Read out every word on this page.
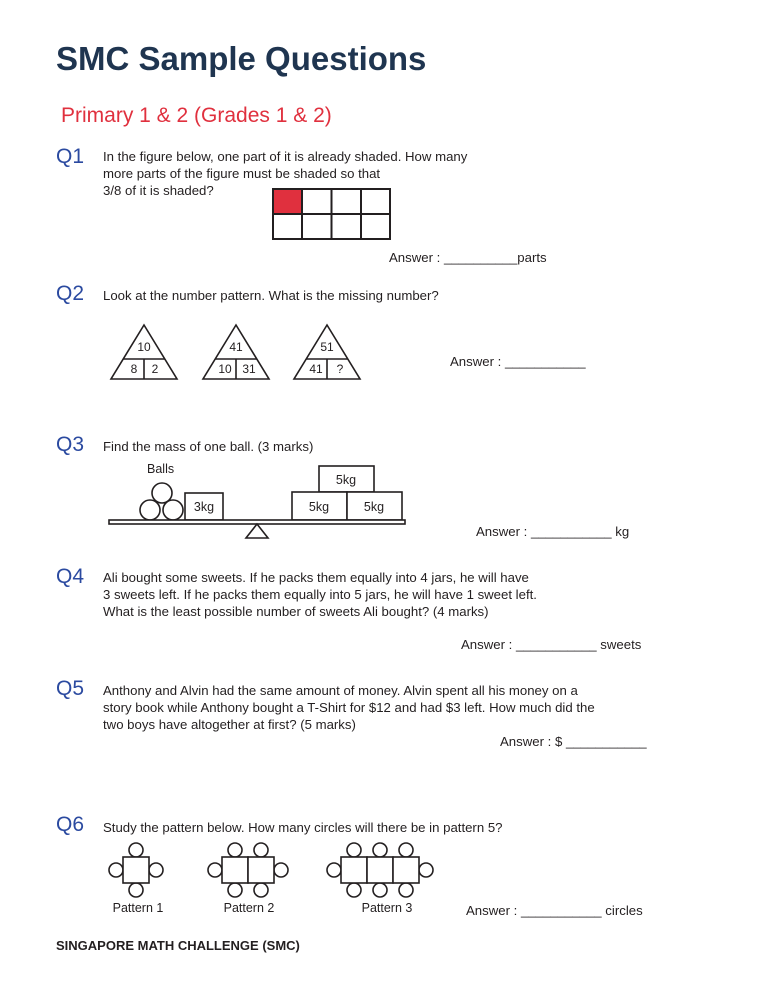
SMC Sample Questions
Primary 1 & 2 (Grades 1 & 2)
Q1 In the figure below, one part of it is already shaded. How many
more parts of the figure must be shaded so that
3/8 of it is shaded?
Answer : __________parts
Q2 Look at the number pattern. What is the missing number?
10
8 2
41
10 31
51
41 ?	Answer : ___________
Q3 Find the mass of one ball. (3 marks)
Balls
3kg
5kg
5kg	5kg
Answer : ___________ kg
Q4 Ali bought some sweets. If he packs them equally into 4 jars, he will have
3 sweets left. If he packs them equally into 5 jars, he will have 1 sweet left.
What is the least possible number of sweets Ali bought? (4 marks)
Answer : ___________ sweets
Q5 Anthony and Alvin had the same amount of money. Alvin spent all his money on a
story book while Anthony bought a T-Shirt for $12 and had $3 left. How much did the
two boys have altogether at first? (5 marks)
Answer : $ ___________
Q6 Study the pattern below. How many circles will there be in pattern 5?
Pattern 1	Pattern 2	Pattern 3	Answer : ___________ circles
SINGAPORE MATH CHALLENGE (SMC)
